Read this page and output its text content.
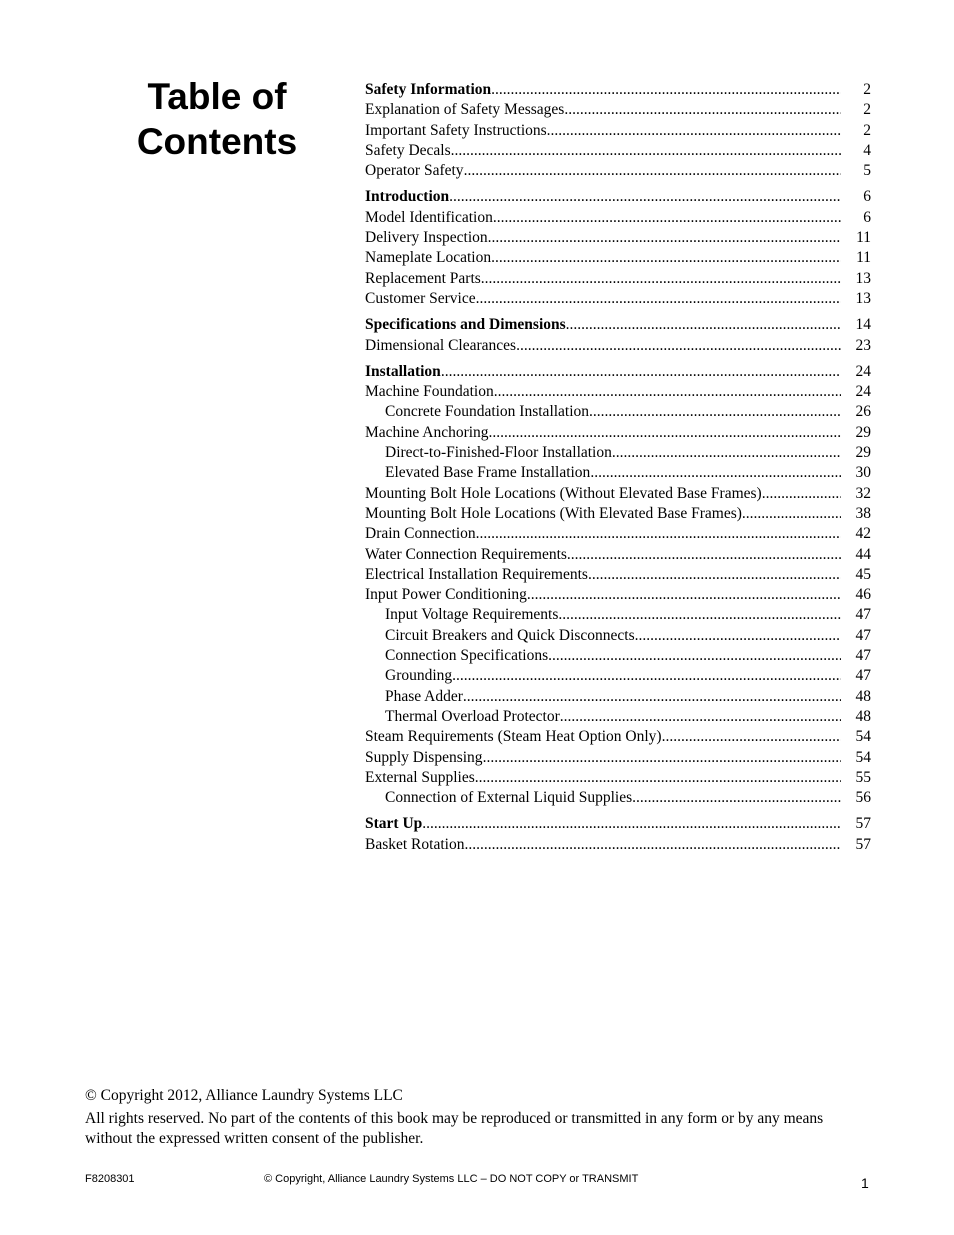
Table of
Contents
Safety Information .....	2
Explanation of Safety Messages .....	2
Important Safety Instructions .....	2
Safety Decals .....	4
Operator Safety .....	5
Introduction .....	6
Model Identification .....	6
Delivery Inspection .....	11
Nameplate Location .....	11
Replacement Parts .....	13
Customer Service .....	13
Specifications and Dimensions .....	14
Dimensional Clearances .....	23
Installation .....	24
Machine Foundation .....	24
Concrete Foundation Installation .....	26
Machine Anchoring .....	29
Direct-to-Finished-Floor Installation .....	29
Elevated Base Frame Installation .....	30
Mounting Bolt Hole Locations (Without Elevated Base Frames) .....	32
Mounting Bolt Hole Locations (With Elevated Base Frames) .....	38
Drain Connection .....	42
Water Connection Requirements .....	44
Electrical Installation Requirements .....	45
Input Power Conditioning .....	46
Input Voltage Requirements .....	47
Circuit Breakers and Quick Disconnects .....	47
Connection Specifications .....	47
Grounding .....	47
Phase Adder .....	48
Thermal Overload Protector .....	48
Steam Requirements (Steam Heat Option Only) .....	54
Supply Dispensing .....	54
External Supplies .....	55
Connection of External Liquid Supplies .....	56
Start Up .....	57
Basket Rotation .....	57

© Copyright 2012, Alliance Laundry Systems LLC

All rights reserved. No part of the contents of this book may be reproduced or transmitted in any form or by any means without the expressed written consent of the publisher.

F8208301	© Copyright, Alliance Laundry Systems LLC – DO NOT COPY or TRANSMIT	1
